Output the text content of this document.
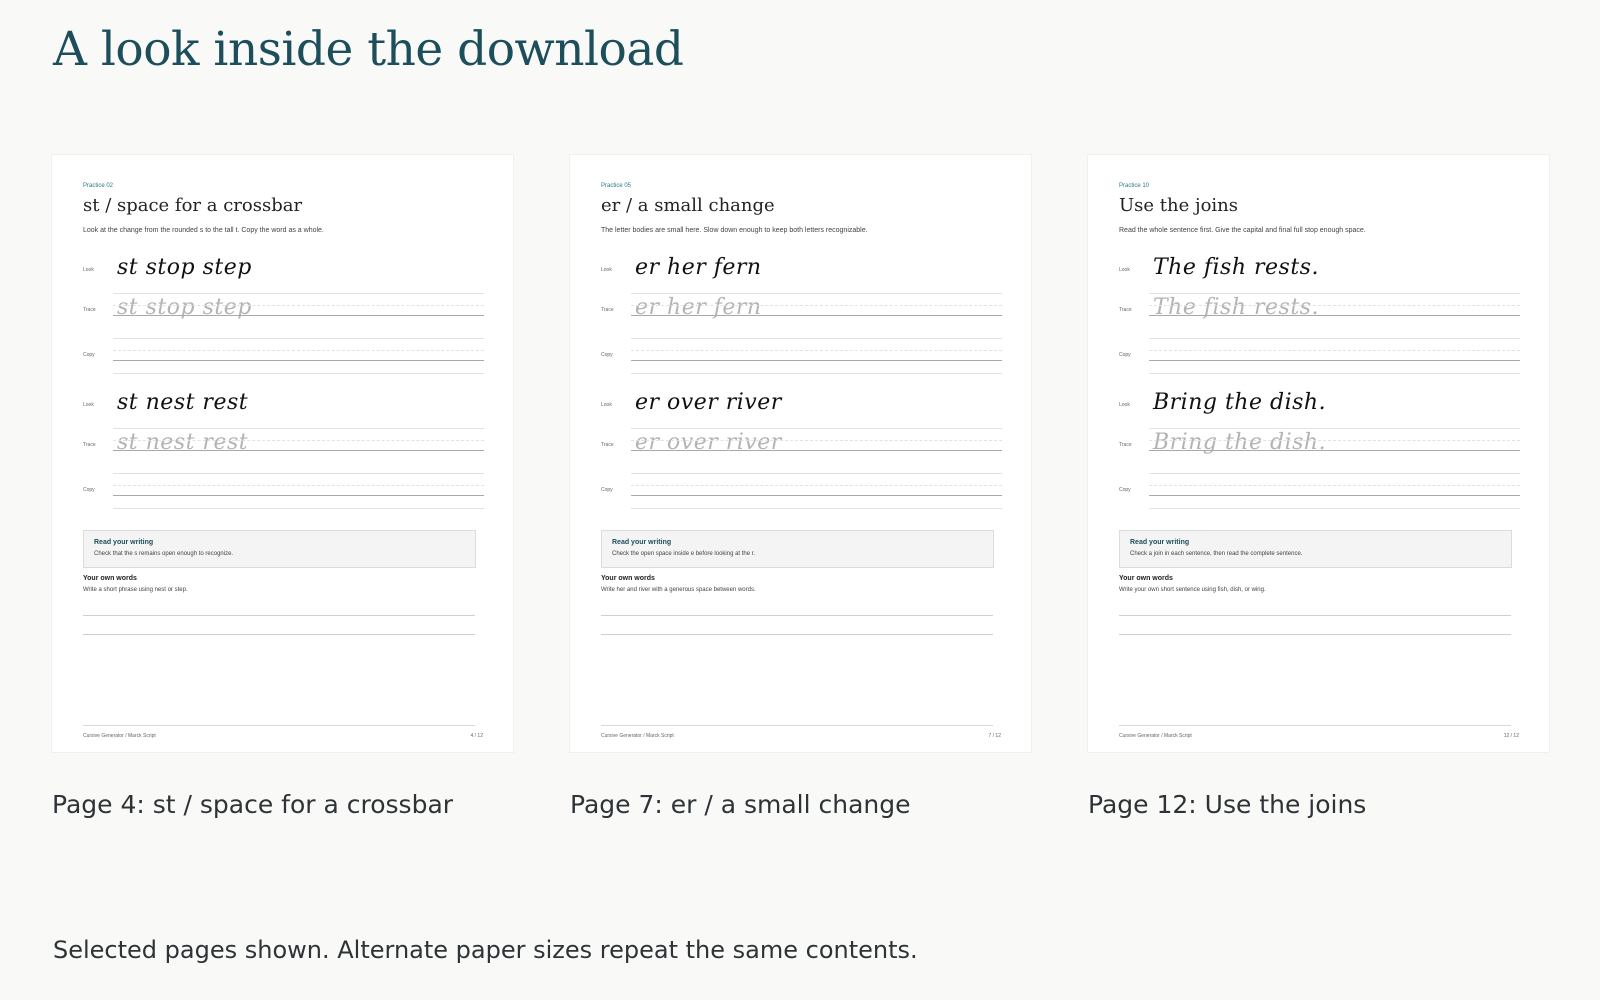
A look inside the download
Practice 02
st / space for a crossbar
Look at the change from the rounded s to the tall t. Copy the word as a whole.
Look st stop step
Trace st stop step
Copy
Look st nest rest
Trace st nest rest
Copy
Read your writing
Check that the s remains open enough to recognize.
Your own words
Write a short phrase using nest or step.
Cursive Generator / Marck Script	4 / 12
Page 4: st / space for a crossbar
Practice 05
er / a small change
The letter bodies are small here. Slow down enough to keep both letters recognizable.
Look er her fern
Trace er her fern
Copy
Look er over river
Trace er over river
Copy
Read your writing
Check the open space inside e before looking at the r.
Your own words
Write her and river with a generous space between words.
Cursive Generator / Marck Script	7 / 12
Page 7: er / a small change
Practice 10
Use the joins
Read the whole sentence first. Give the capital and final full stop enough space.
Look The fish rests.
Trace The fish rests.
Copy
Look Bring the dish.
Trace Bring the dish.
Copy
Read your writing
Check a join in each sentence, then read the complete sentence.
Your own words
Write your own short sentence using fish, dish, or wing.
Cursive Generator / Marck Script	12 / 12
Page 12: Use the joins

Selected pages shown. Alternate paper sizes repeat the same contents.
